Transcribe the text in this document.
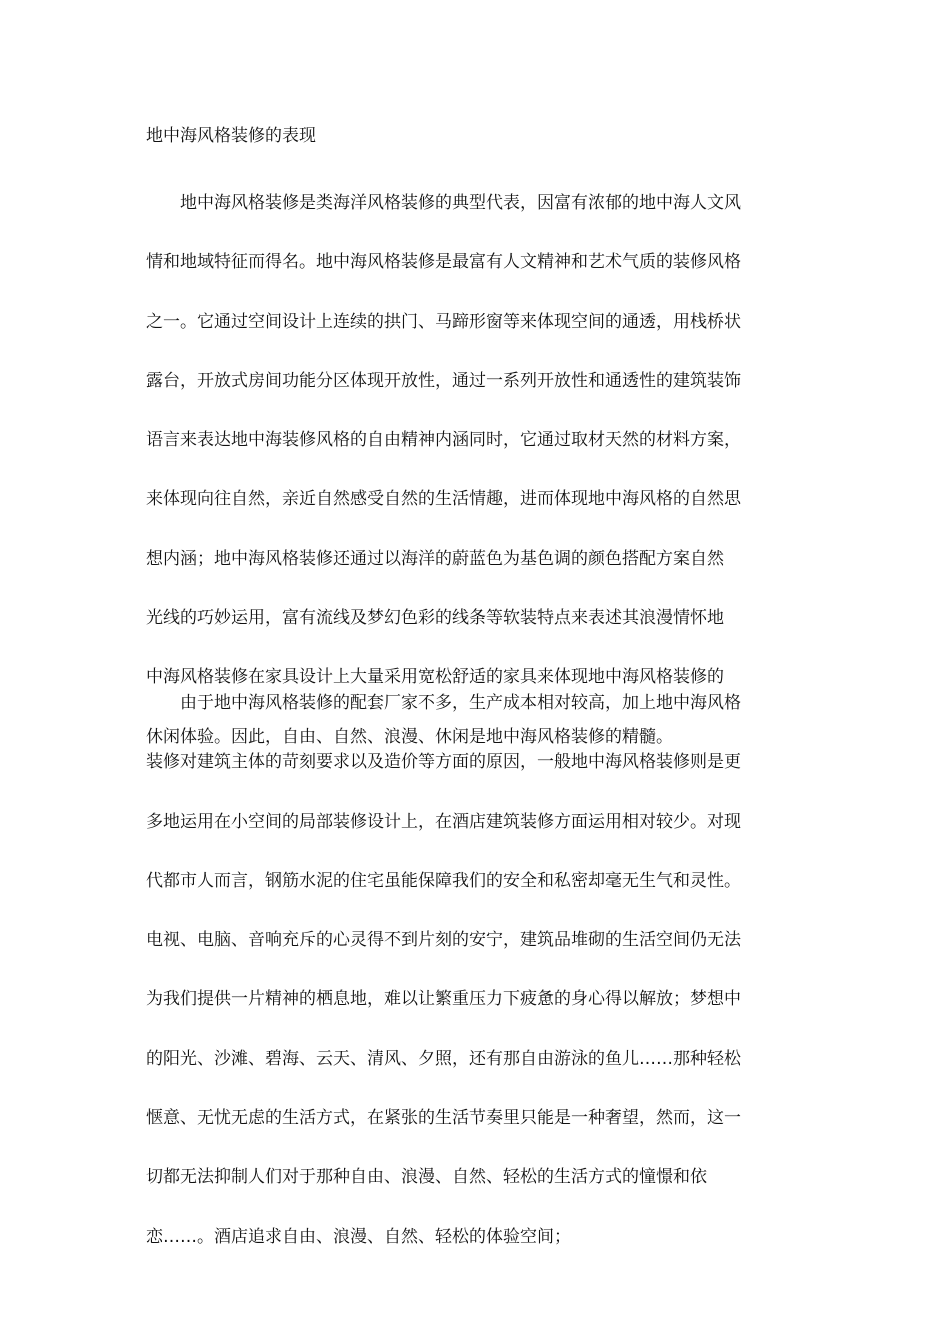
地中海风格装修的表现
地中海风格装修是类海洋风格装修的典型代表，因富有浓郁的地中海人文风
情和地域特征而得名。地中海风格装修是最富有人文精神和艺术气质的装修风格
之一。它通过空间设计上连续的拱门、马蹄形窗等来体现空间的通透，用栈桥状
露台，开放式房间功能分区体现开放性，通过一系列开放性和通透性的建筑装饰
语言来表达地中海装修风格的自由精神内涵同时，它通过取材天然的材料方案，
来体现向往自然，亲近自然感受自然的生活情趣，进而体现地中海风格的自然思
想内涵；地中海风格装修还通过以海洋的蔚蓝色为基色调的颜色搭配方案自然
光线的巧妙运用，富有流线及梦幻色彩的线条等软装特点来表述其浪漫情怀地
中海风格装修在家具设计上大量采用宽松舒适的家具来体现地中海风格装修的
休闲体验。因此，自由、自然、浪漫、休闲是地中海风格装修的精髓。
由于地中海风格装修的配套厂家不多，生产成本相对较高，加上地中海风格
装修对建筑主体的苛刻要求以及造价等方面的原因，一般地中海风格装修则是更
多地运用在小空间的局部装修设计上，在酒店建筑装修方面运用相对较少。对现
代都市人而言，钢筋水泥的住宅虽能保障我们的安全和私密却毫无生气和灵性。
电视、电脑、音响充斥的心灵得不到片刻的安宁，建筑品堆砌的生活空间仍无法
为我们提供一片精神的栖息地，难以让繁重压力下疲惫的身心得以解放；梦想中
的阳光、沙滩、碧海、云天、清风、夕照，还有那自由游泳的鱼儿……那种轻松
惬意、无忧无虑的生活方式，在紧张的生活节奏里只能是一种奢望，然而，这一
切都无法抑制人们对于那种自由、浪漫、自然、轻松的生活方式的憧憬和依
恋……。酒店追求自由、浪漫、自然、轻松的体验空间；
